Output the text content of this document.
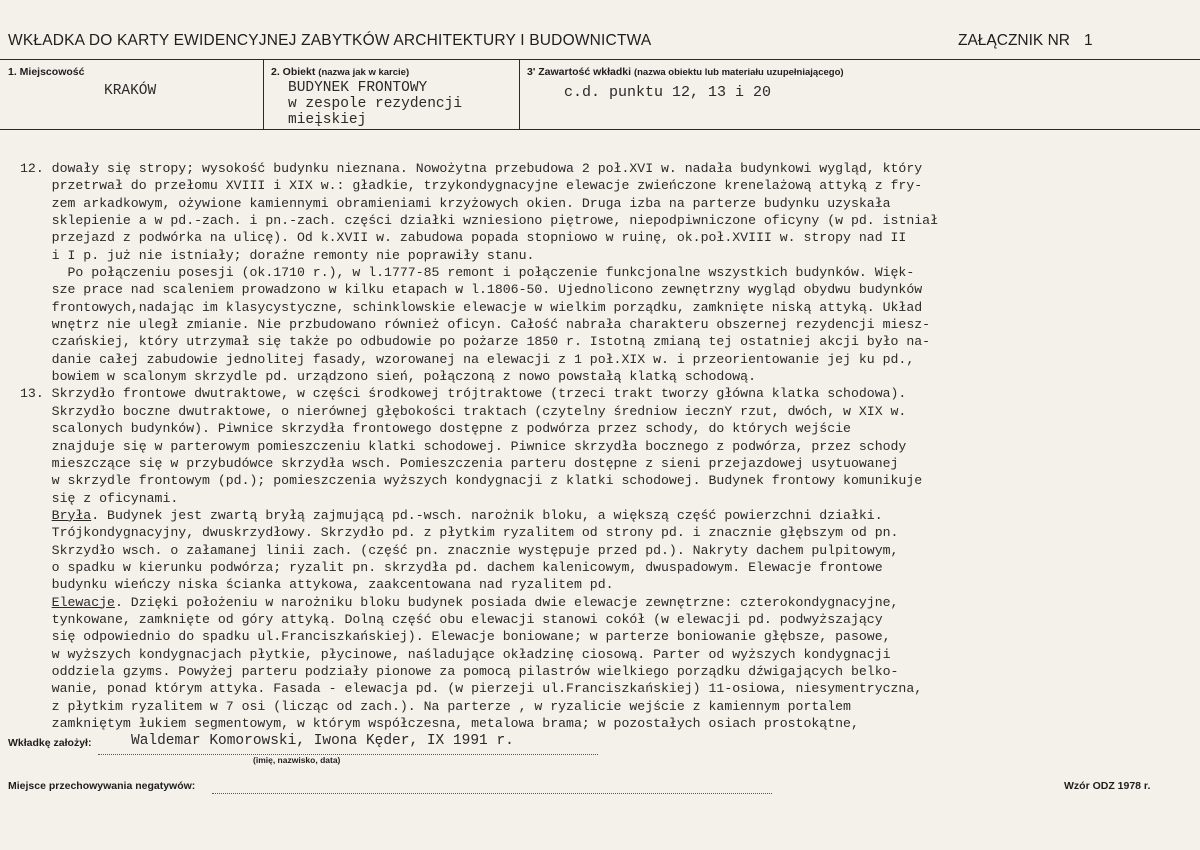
WKŁADKA DO KARTY EWIDENCYJNEJ ZABYTKÓW ARCHITEKTURY I BUDOWNICTWA	ZAŁĄCZNIK NR 1
1. Miejscowość
KRAKÓW
2. Obiekt (nazwa jak w karcie)
BUDYNEK FRONTOWY
w zespole rezydencji
mieįskiej
3' Zawartość wkładki (nazwa obiektu lub materiału uzupełniającego)
c.d. punktu 12, 13 i 20
12. dowały się stropy; wysokość budynku nieznana. Nowożytna przebudowa 2 poł.XVI w. nadała budynkowi wygląd, który
przetrwał do przełomu XVIII i XIX w.: gładkie, trzykondygnacyjne elewacje zwieńczone krenelażową attyką z fry-
zem arkadkowym, ożywione kamiennymi obramieniami krzyżowych okien. Druga izba na parterze budynku uzyskała
sklepienie a w pd.-zach. i pn.-zach. części działki wzniesiono piętrowe, niepodpiwniczone oficyny (w pd. istniał
przejazd z podwórka na ulicę). Od k.XVII w. zabudowa popada stopniowo w ruinę, ok.poł.XVIII w. stropy nad II
i I p. już nie istniały; doraźne remonty nie poprawiły stanu.
Po połączeniu posesji (ok.1710 r.), w l.1777-85 remont i połączenie funkcjonalne wszystkich budynków. Więk-
sze prace nad scaleniem prowadzono w kilku etapach w l.1806-50. Ujednolicono zewnętrzny wygląd obydwu budynków
frontowych,nadając im klasycystyczne, schinklowskie elewacje w wielkim porządku, zamknięte niską attyką. Układ
wnętrz nie uległ zmianie. Nie przbudowano również oficyn. Całość nabrała charakteru obszernej rezydencji miesz-
czańskiej, który utrzymał się także po odbudowie po pożarze 1850 r. Istotną zmianą tej ostatniej akcji było na-
danie całej zabudowie jednolitej fasady, wzorowanej na elewacji z 1 poł.XIX w. i przeorientowanie jej ku pd.,
bowiem w scalonym skrzydle pd. urządzono sień, połączoną z nowo powstałą klatką schodową.
13. Skrzydło frontowe dwutraktowe, w części środkowej trójtraktowe (trzeci trakt tworzy główna klatka schodowa).
Skrzydło boczne dwutraktowe, o nierównej głębokości traktach (czytelny średniow iecznY rzut, dwóch, w XIX w.
scalonych budynków). Piwnice skrzydła frontowego dostępne z podwórza przez schody, do których wejście
znajduje się w parterowym pomieszczeniu klatki schodowej. Piwnice skrzydła bocznego z podwórza, przez schody
mieszczące się w przybudówce skrzydła wsch. Pomieszczenia parteru dostępne z sieni przejazdowej usytuowanej
w skrzydle frontowym (pd.); pomieszczenia wyższych kondygnacji z klatki schodowej. Budynek frontowy komunikuje
się z oficynami.
Bryła. Budynek jest zwartą bryłą zajmującą pd.-wsch. narożnik bloku, a większą część powierzchni działki.
Trójkondygnacyjny, dwuskrzydłowy. Skrzydło pd. z płytkim ryzalitem od strony pd. i znacznie głębszym od pn.
Skrzydło wsch. o załamanej linii zach. (część pn. znacznie występuje przed pd.). Nakryty dachem pulpitowym,
o spadku w kierunku podwórza; ryzalit pn. skrzydła pd. dachem kalenicowym, dwuspadowym. Elewacje frontowe
budynku wieńczy niska ścianka attykowa, zaakcentowana nad ryzalitem pd.
Elewacje. Dzięki położeniu w narożniku bloku budynek posiada dwie elewacje zewnętrzne: czterokondygnacyjne,
tynkowane, zamknięte od góry attyką. Dolną część obu elewacji stanowi cokół (w elewacji pd. podwyższający
się odpowiednio do spadku ul.Franciszkańskiej). Elewacje boniowane; w parterze boniowanie głębsze, pasowe,
w wyższych kondygnacjach płytkie, płycinowe, naśladujące okładzinę ciosową. Parter od wyższych kondygnacji
oddziela gzyms. Powyżej parteru podziały pionowe za pomocą pilastrów wielkiego porządku dźwigających belko-
wanie, ponad którym attyka. Fasada - elewacja pd. (w pierzeji ul.Franciszkańskiej) 11-osiowa, niesymentryczna,
z płytkim ryzalitem w 7 osi (licząc od zach.). Na parterze , w ryzalicie wejście z kamiennym portalem
zamkniętym łukiem segmentowym, w którym współczesna, metalowa brama; w pozostałych osiach prostokątne,
Wkładkę założył:	Waldemar Komorowski, Iwona Kęder, IX 1991 r.
(imię, nazwisko, data)
Miejsce przechowywania negatywów:	Wzór ODZ 1978 r.
